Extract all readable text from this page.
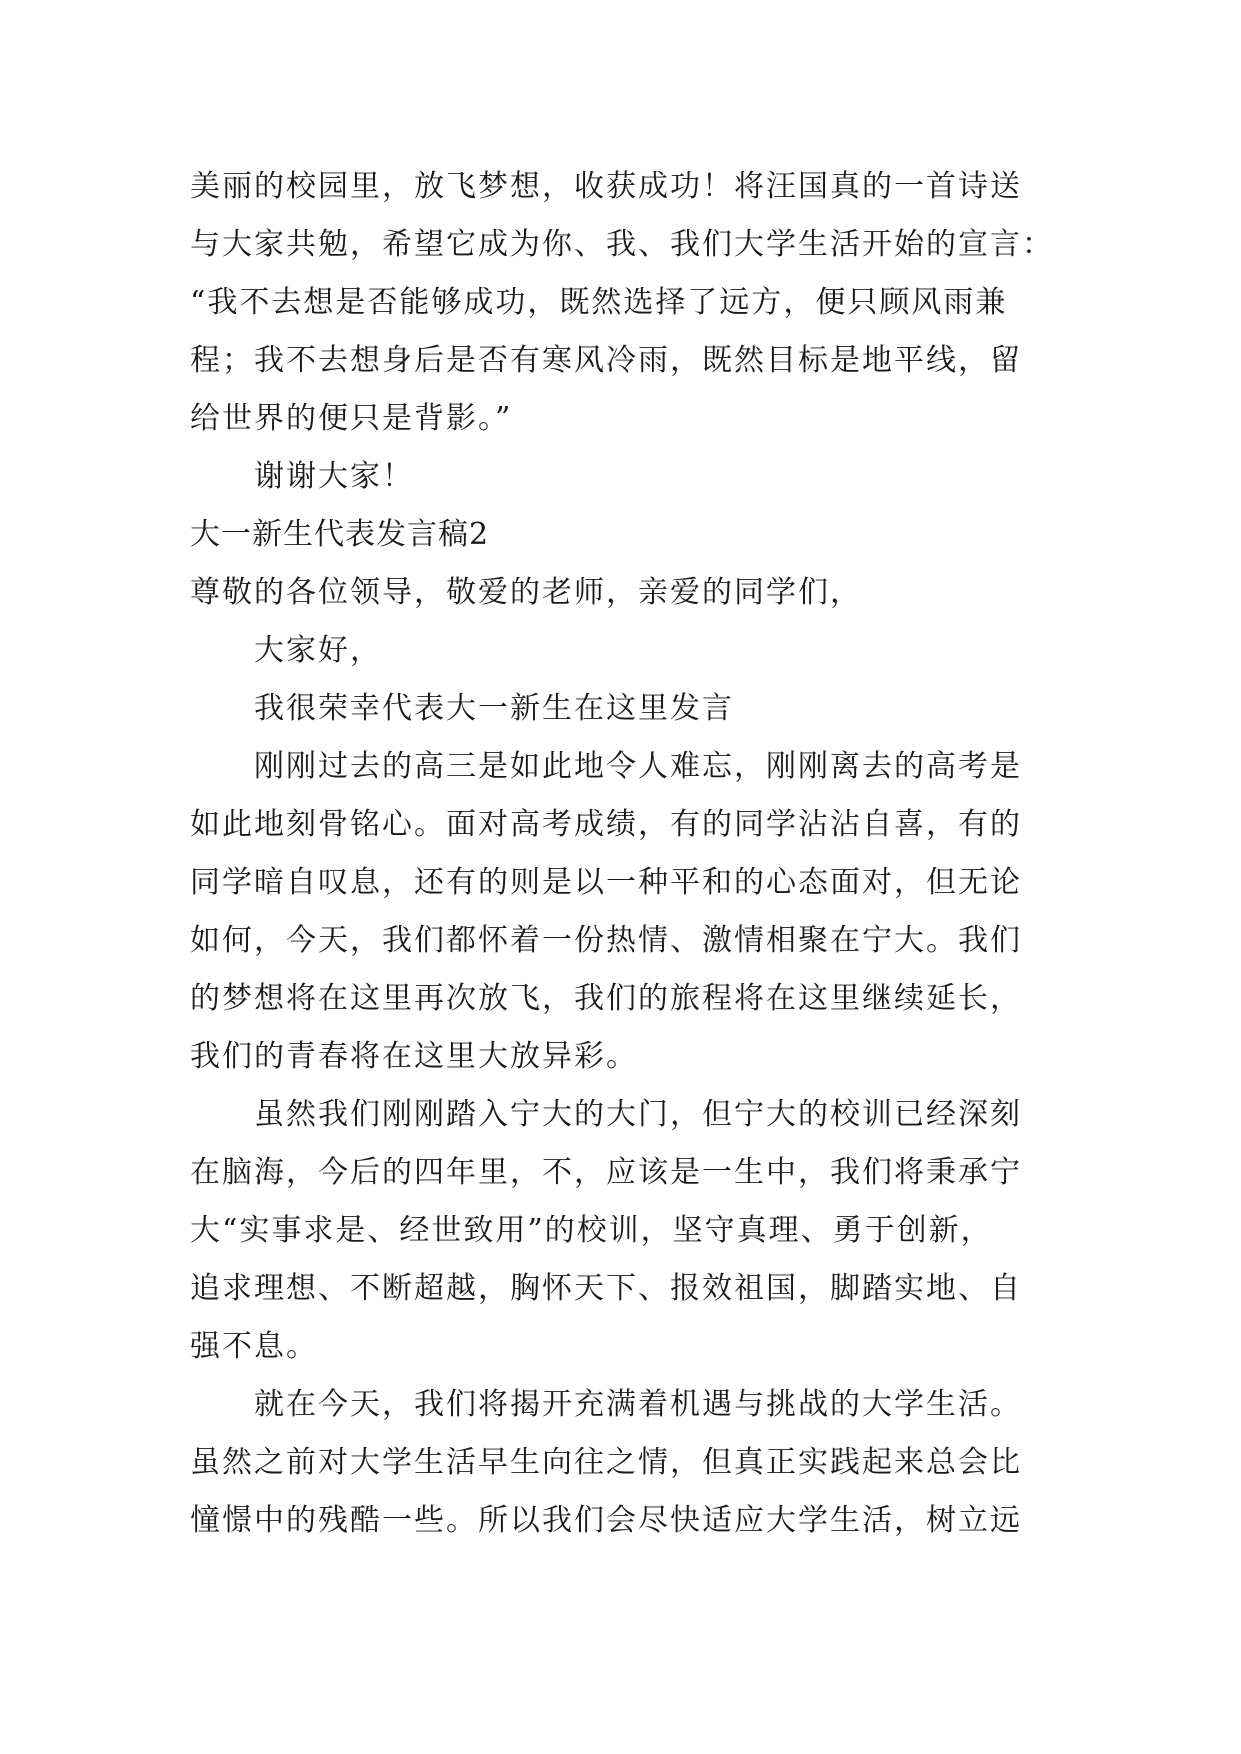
美丽的校园里，放飞梦想，收获成功！将汪国真的一首诗送
与大家共勉，希望它成为你、我、我们大学生活开始的宣言：
“我不去想是否能够成功，既然选择了远方，便只顾风雨兼
程；我不去想身后是否有寒风冷雨，既然目标是地平线，留
给世界的便只是背影。”

谢谢大家！

大一新生代表发言稿2

尊敬的各位领导，敬爱的老师，亲爱的同学们，

大家好，

我很荣幸代表大一新生在这里发言

刚刚过去的高三是如此地令人难忘，刚刚离去的高考是
如此地刻骨铭心。面对高考成绩，有的同学沾沾自喜，有的
同学暗自叹息，还有的则是以一种平和的心态面对，但无论
如何，今天，我们都怀着一份热情、激情相聚在宁大。我们
的梦想将在这里再次放飞，我们的旅程将在这里继续延长，
我们的青春将在这里大放异彩。

虽然我们刚刚踏入宁大的大门，但宁大的校训已经深刻
在脑海，今后的四年里，不，应该是一生中，我们将秉承宁
大“实事求是、经世致用”的校训，坚守真理、勇于创新，
追求理想、不断超越，胸怀天下、报效祖国，脚踏实地、自
强不息。

就在今天，我们将揭开充满着机遇与挑战的大学生活。
虽然之前对大学生活早生向往之情，但真正实践起来总会比
憧憬中的残酷一些。所以我们会尽快适应大学生活，树立远
